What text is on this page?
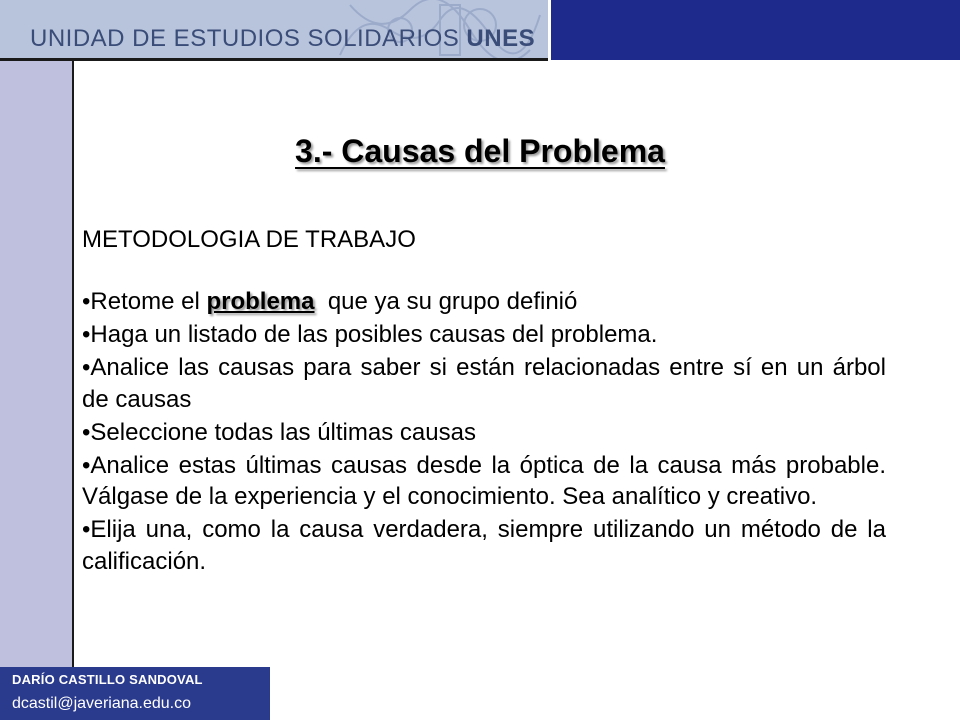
UNIDAD DE ESTUDIOS SOLIDARIOS UNES
3.- Causas del Problema
METODOLOGIA DE TRABAJO
•Retome el problema  que ya su grupo definió
•Haga un listado de las posibles causas del problema.
•Analice las causas para saber si están relacionadas entre sí en un árbol de causas
•Seleccione todas las últimas causas
•Analice estas últimas causas desde la óptica de la causa más probable. Válgase de la experiencia y el conocimiento. Sea analítico y creativo.
•Elija una, como la causa verdadera, siempre utilizando un método de la calificación.
DARÍO CASTILLO SANDOVAL
dcastil@javeriana.edu.co
